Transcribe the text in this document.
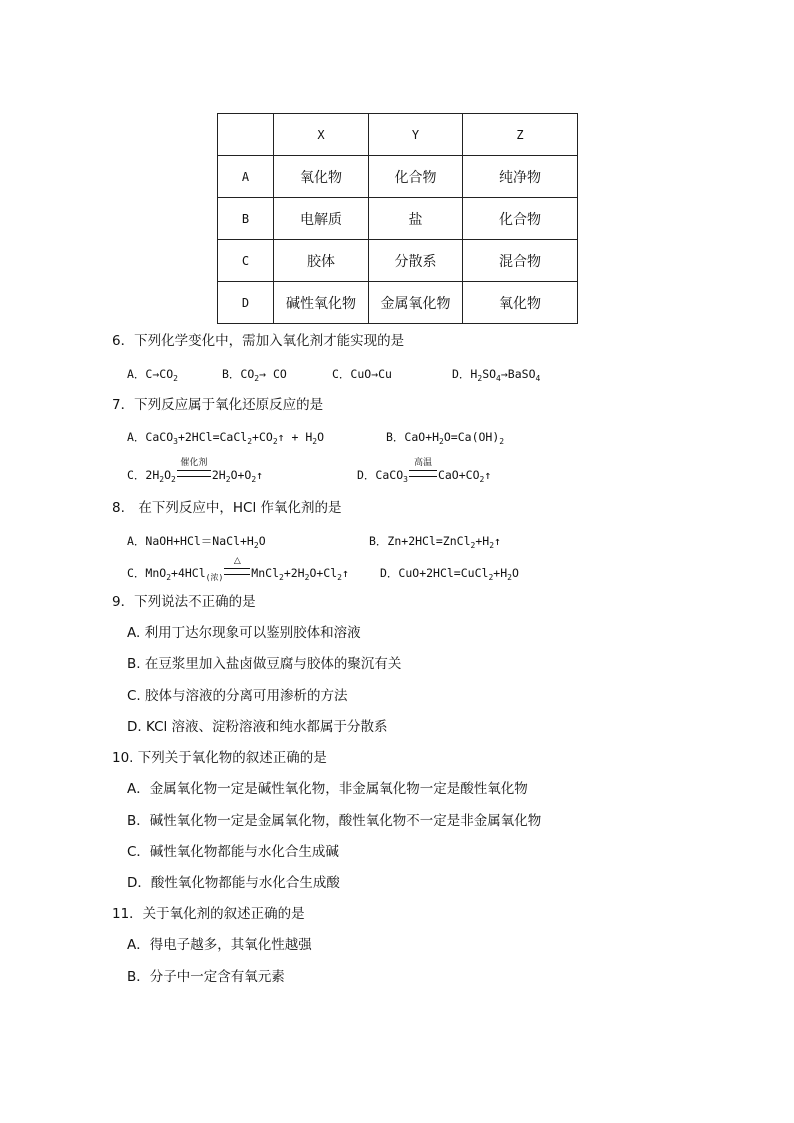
	X	Y	Z
A	氧化物	化合物	纯净物
B	电解质	盐	化合物
C	胶体	分散系	混合物
D	碱性氧化物	金属氧化物	氧化物
6．下列化学变化中，需加入氧化剂才能实现的是
A．$C\to CO_2$	B．$CO_2\to$ CO	C．CuO→Cu	D．$H_2SO_4\to BaSO_4$
7．下列反应属于氧化还原反应的是
A．$CaCO_3+2HCl=CaCl_2+CO_2↑ + H_2O$	B．$CaO+H_2O=Ca(OH)_2$
C．$2H_2O_2$
催化剂
$2H_2O+O_2↑$	D．CaCO$_3$
高温
$CaO+CO_2↑$
8.　在下列反应中，HCl 作氧化剂的是
A．$NaOH+HCl=NaCl+H_2O$	B．$Zn+2HCl=ZnCl_2+H_2↑$
C．MnO$_2$+4HCl$_{(浓)}$
△
$MnCl_2+2H_2O+Cl_2↑$	D．$CuO+2HCl=CuCl_2+H_2O$
9．下列说法不正确的是
A. 利用丁达尔现象可以鉴别胶体和溶液
B. 在豆浆里加入盐卤做豆腐与胶体的聚沉有关
C. 胶体与溶液的分离可用渗析的方法
D. KCl 溶液、淀粉溶液和纯水都属于分散系
10. 下列关于氧化物的叙述正确的是
A．金属氧化物一定是碱性氧化物，非金属氧化物一定是酸性氧化物
B．碱性氧化物一定是金属氧化物，酸性氧化物不一定是非金属氧化物
C．碱性氧化物都能与水化合生成碱
D．酸性氧化物都能与水化合生成酸
11．关于氧化剂的叙述正确的是
A．得电子越多，其氧化性越强
B．分子中一定含有氧元素
